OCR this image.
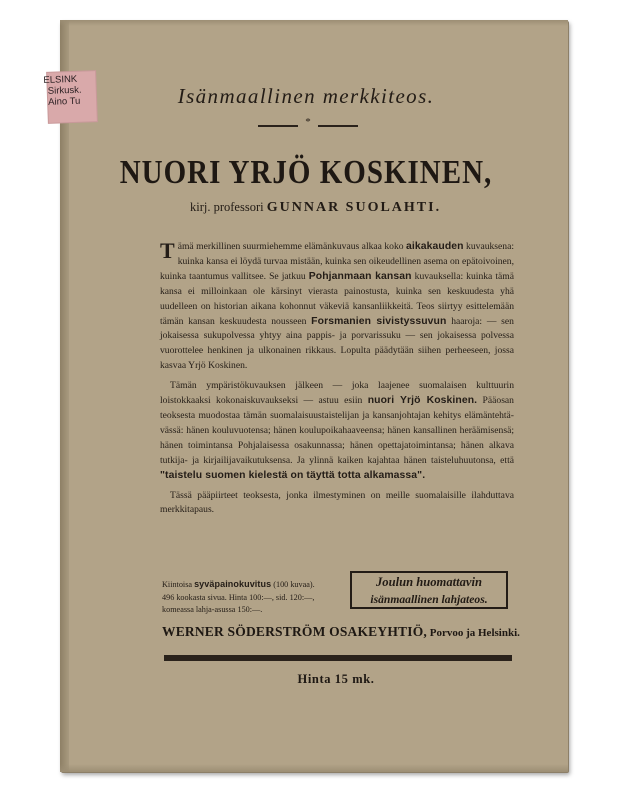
ELSINK
Sirkusk.
Aino Tu	Isänmaallinen merkkiteos.
*
NUORI YRJÖ KOSKINEN,
kirj. professori GUNNAR SUOLAHTI.

Tämä merkillinen suurmiehemme elämänkuvaus alkaa koko aikakauden kuvauksena: kuinka kansa ei löydä turvaa mistään, kuinka sen oikeudellinen asema on epätoivoinen, kuinka taantumus vallitsee. Se jatkuu Pohjanmaan kansan kuvauksella: kuinka tämä kansa ei milloinkaan ole kärsinyt vierasta painostusta, kuinka sen keskuudesta yhä uudelleen on historian aikana kohonnut väkeviä kansanliikkeitä. Teos siirtyy esittelemään tämän kansan keskuudesta nousseen Forsmanien sivistyssuvun haaroja: — sen jokaisessa sukupolvessa yhtyy aina pappis- ja porvarissuku — sen jokaisessa polvessa vuorottelee henkinen ja ulkonainen rikkaus. Lopulta päädytään siihen perheeseen, jossa kasvaa Yrjö Koskinen.

Tämän ympäristökuvauksen jälkeen — joka laajenee suomalaisen kulttuurin loistokkaaksi kokonaiskuvaukseksi — astuu esiin nuori Yrjö Koskinen. Pääosan teoksesta muodostaa tämän suomalaisuustaistelijan ja kansanjohtajan kehitys elämäntehtävässä: hänen kouluvuotensa; hänen koulupoikahaaveensa; hänen kansallinen heräämisensä; hänen toimintansa Pohjalaisessa osakunnassa; hänen opettajatoimintansa; hänen alkava tutkija- ja kirjailijavaikutuksensa. Ja ylinnä kaiken kajahtaa hänen taisteluhuutonsa, että "taistelu suomen kielestä on täyttä totta alkamassa".

Tässä pääpiirteet teoksesta, jonka ilmestyminen on meille suomalaisille ilahduttava merkkitapaus.

Kiintoisa syväpainokuvitus (100 kuvaa).
496 kookasta sivua. Hinta 100:—, sid. 120:—,
komeassa lahja-asussa 150:—.
Joulun huomattavin
isänmaallinen lahjateos.
WERNER SÖDERSTRÖM OSAKEYHTIÖ, Porvoo ja Helsinki.
Hinta 15 mk.
